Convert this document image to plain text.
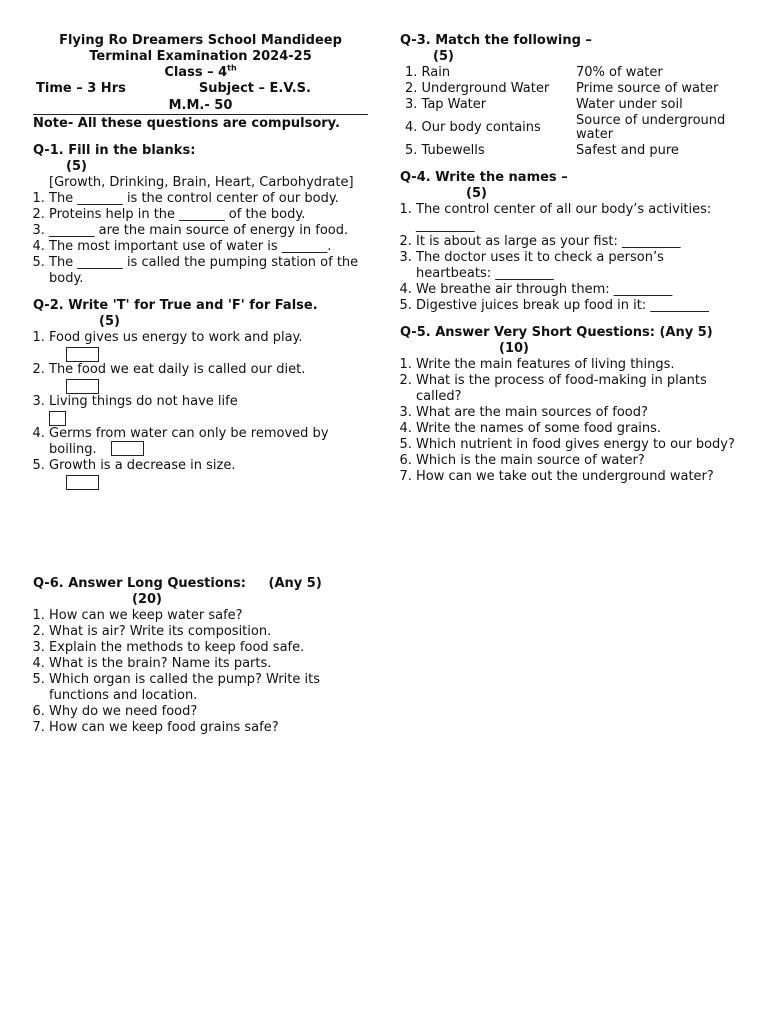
Flying Ro Dreamers School Mandideep
Terminal Examination 2024-25
Class – 4th
Time – 3 Hrs	Subject – E.V.S.
M.M.- 50
Note- All these questions are compulsory.
Q-1. Fill in the blanks:
(5)
[Growth, Drinking, Brain, Heart, Carbohydrate]
1. The _______ is the control center of our body.
2. Proteins help in the _______ of the body.
3. _______ are the main source of energy in food.
4. The most important use of water is _______.
5. The _______ is called the pumping station of the body.
Q-2. Write 'T' for True and 'F' for False.
(5)
1. Food gives us energy to work and play.
2. The food we eat daily is called our diet.
3. Living things do not have life
4. Germs from water can only be removed by boiling.
5. Growth is a decrease in size.
Q-3. Match the following –
(5)
1. Rain	70% of water
2. Underground Water	Prime source of water
3. Tap Water	Water under soil
4. Our body contains	Source of underground water
5. Tubewells	Safest and pure
Q-4. Write the names –
(5)
1. The control center of all our body’s activities: _________
2. It is about as large as your fist: _________
3. The doctor uses it to check a person’s heartbeats: _________
4. We breathe air through them: _________
5. Digestive juices break up food in it: _________
Q-5. Answer Very Short Questions: (Any 5)
(10)
1. Write the main features of living things.
2. What is the process of food-making in plants called?
3. What are the main sources of food?
4. Write the names of some food grains.
5. Which nutrient in food gives energy to our body?
6. Which is the main source of water?
7. How can we take out the underground water?
Q-6. Answer Long Questions: (Any 5)
(20)
1. How can we keep water safe?
2. What is air? Write its composition.
3. Explain the methods to keep food safe.
4. What is the brain? Name its parts.
5. Which organ is called the pump? Write its functions and location.
6. Why do we need food?
7. How can we keep food grains safe?
